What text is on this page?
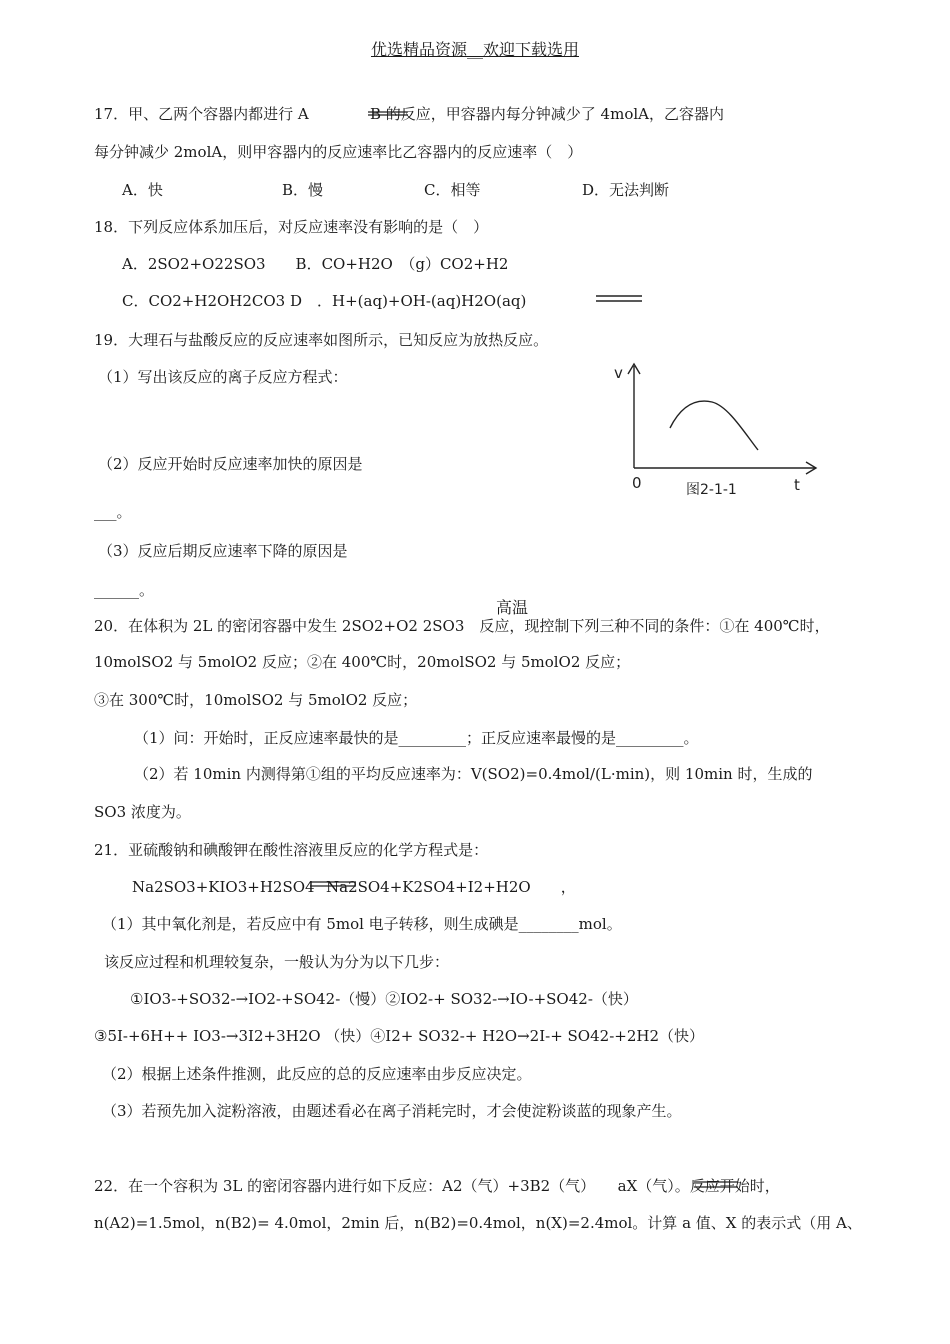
优选精品资源__欢迎下载选用
17．甲、乙两个容器内都进行 A	B 的反应，甲容器内每分钟减少了 4molA，乙容器内
每分钟减少 2molA，则甲容器内的反应速率比乙容器内的反应速率（　）
A．快	B．慢	C．相等	D．无法判断
18．下列反应体系加压后，对反应速率没有影响的是（　）
A．2SO2+O22SO3　　B．CO+H2O　（g）CO2+H2
C．CO2+H2OH2CO3 D　．H+(aq)+OH-(aq)H2O(aq)
19．大理石与盐酸反应的反应速率如图所示，已知反应为放热反应。
（1）写出该反应的离子反应方程式：
（2）反应开始时反应速率加快的原因是
___。
（3）反应后期反应速率下降的原因是
______。
v
0	t
图2-1-1
高温
20．在体积为 2L 的密闭容器中发生 2SO2+O2 2SO3　反应，现控制下列三种不同的条件：①在 400℃时，
10molSO2 与 5molO2 反应；②在 400℃时，20molSO2 与 5molO2 反应；
③在 300℃时，10molSO2 与 5molO2 反应；
（1）问：开始时，正反应速率最快的是_________；正反应速率最慢的是_________。
（2）若 10min 内测得第①组的平均反应速率为：V(SO2)=0.4mol/(L·min)，则 10min 时，生成的
SO3 浓度为。
21．亚硫酸钠和碘酸钾在酸性溶液里反应的化学方程式是：
Na2SO3+KIO3+H2SO4 Na2SO4+K2SO4+I2+H2O　　，
（1）其中氧化剂是，若反应中有 5mol 电子转移，则生成碘是________mol。
该反应过程和机理较复杂，一般认为分为以下几步：
①IO3-+SO32-→IO2-+SO42-（慢）②IO2-+ SO32-→IO-+SO42-（快）
③5I-+6H++ IO3-→3I2+3H2O （快）④I2+ SO32-+ H2O→2I-+ SO42-+2H2（快）
（2）根据上述条件推测，此反应的总的反应速率由步反应决定。
（3）若预先加入淀粉溶液，由题述看必在离子消耗完时，才会使淀粉谈蓝的现象产生。
22．在一个容积为 3L 的密闭容器内进行如下反应：A2（气）+3B2（气）　　aX（气）。反应开始时，
n(A2)=1.5mol，n(B2)= 4.0mol，2min 后，n(B2)=0.4mol，n(X)=2.4mol。计算 a 值、X 的表示式（用 A、
